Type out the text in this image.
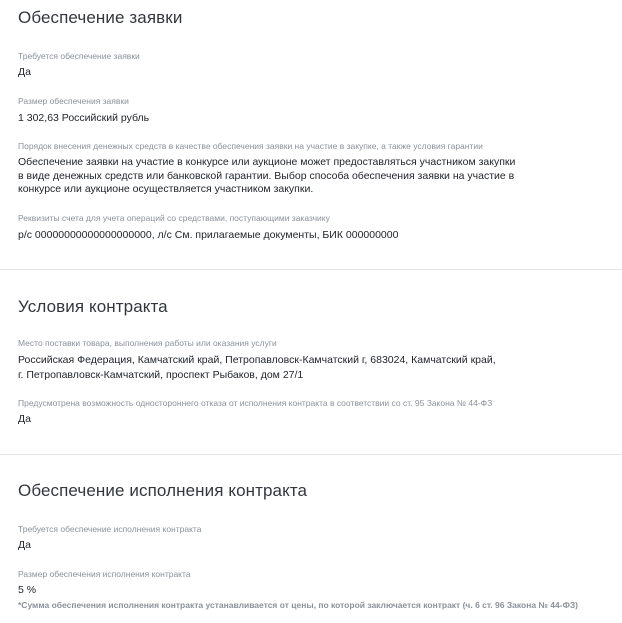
Обеспечение заявки
Требуется обеспечение заявки
Да
Размер обеспечения заявки
1 302,63 Российский рубль
Порядок внесения денежных средств в качестве обеспечения заявки на участие в закупке, а также условия гарантии
Обеспечение заявки на участие в конкурсе или аукционе может предоставляться участником закупки в виде денежных средств или банковской гарантии. Выбор способа обеспечения заявки на участие в конкурсе или аукционе осуществляется участником закупки.
Реквизиты счета для учета операций со средствами, поступающими заказчику
р/с 00000000000000000000, л/с См. прилагаемые документы, БИК 000000000
Условия контракта
Место поставки товара, выполнения работы или оказания услуги
Российская Федерация, Камчатский край, Петропавловск-Камчатский г, 683024, Камчатский край, г. Петропавловск-Камчатский, проспект Рыбаков, дом 27/1
Предусмотрена возможность одностороннего отказа от исполнения контракта в соответствии со ст. 95 Закона № 44-ФЗ
Да
Обеспечение исполнения контракта
Требуется обеспечение исполнения контракта
Да
Размер обеспечения исполнения контракта
5 %
*Сумма обеспечения исполнения контракта устанавливается от цены, по которой заключается контракт (ч. 6 ст. 96 Закона № 44-ФЗ)
